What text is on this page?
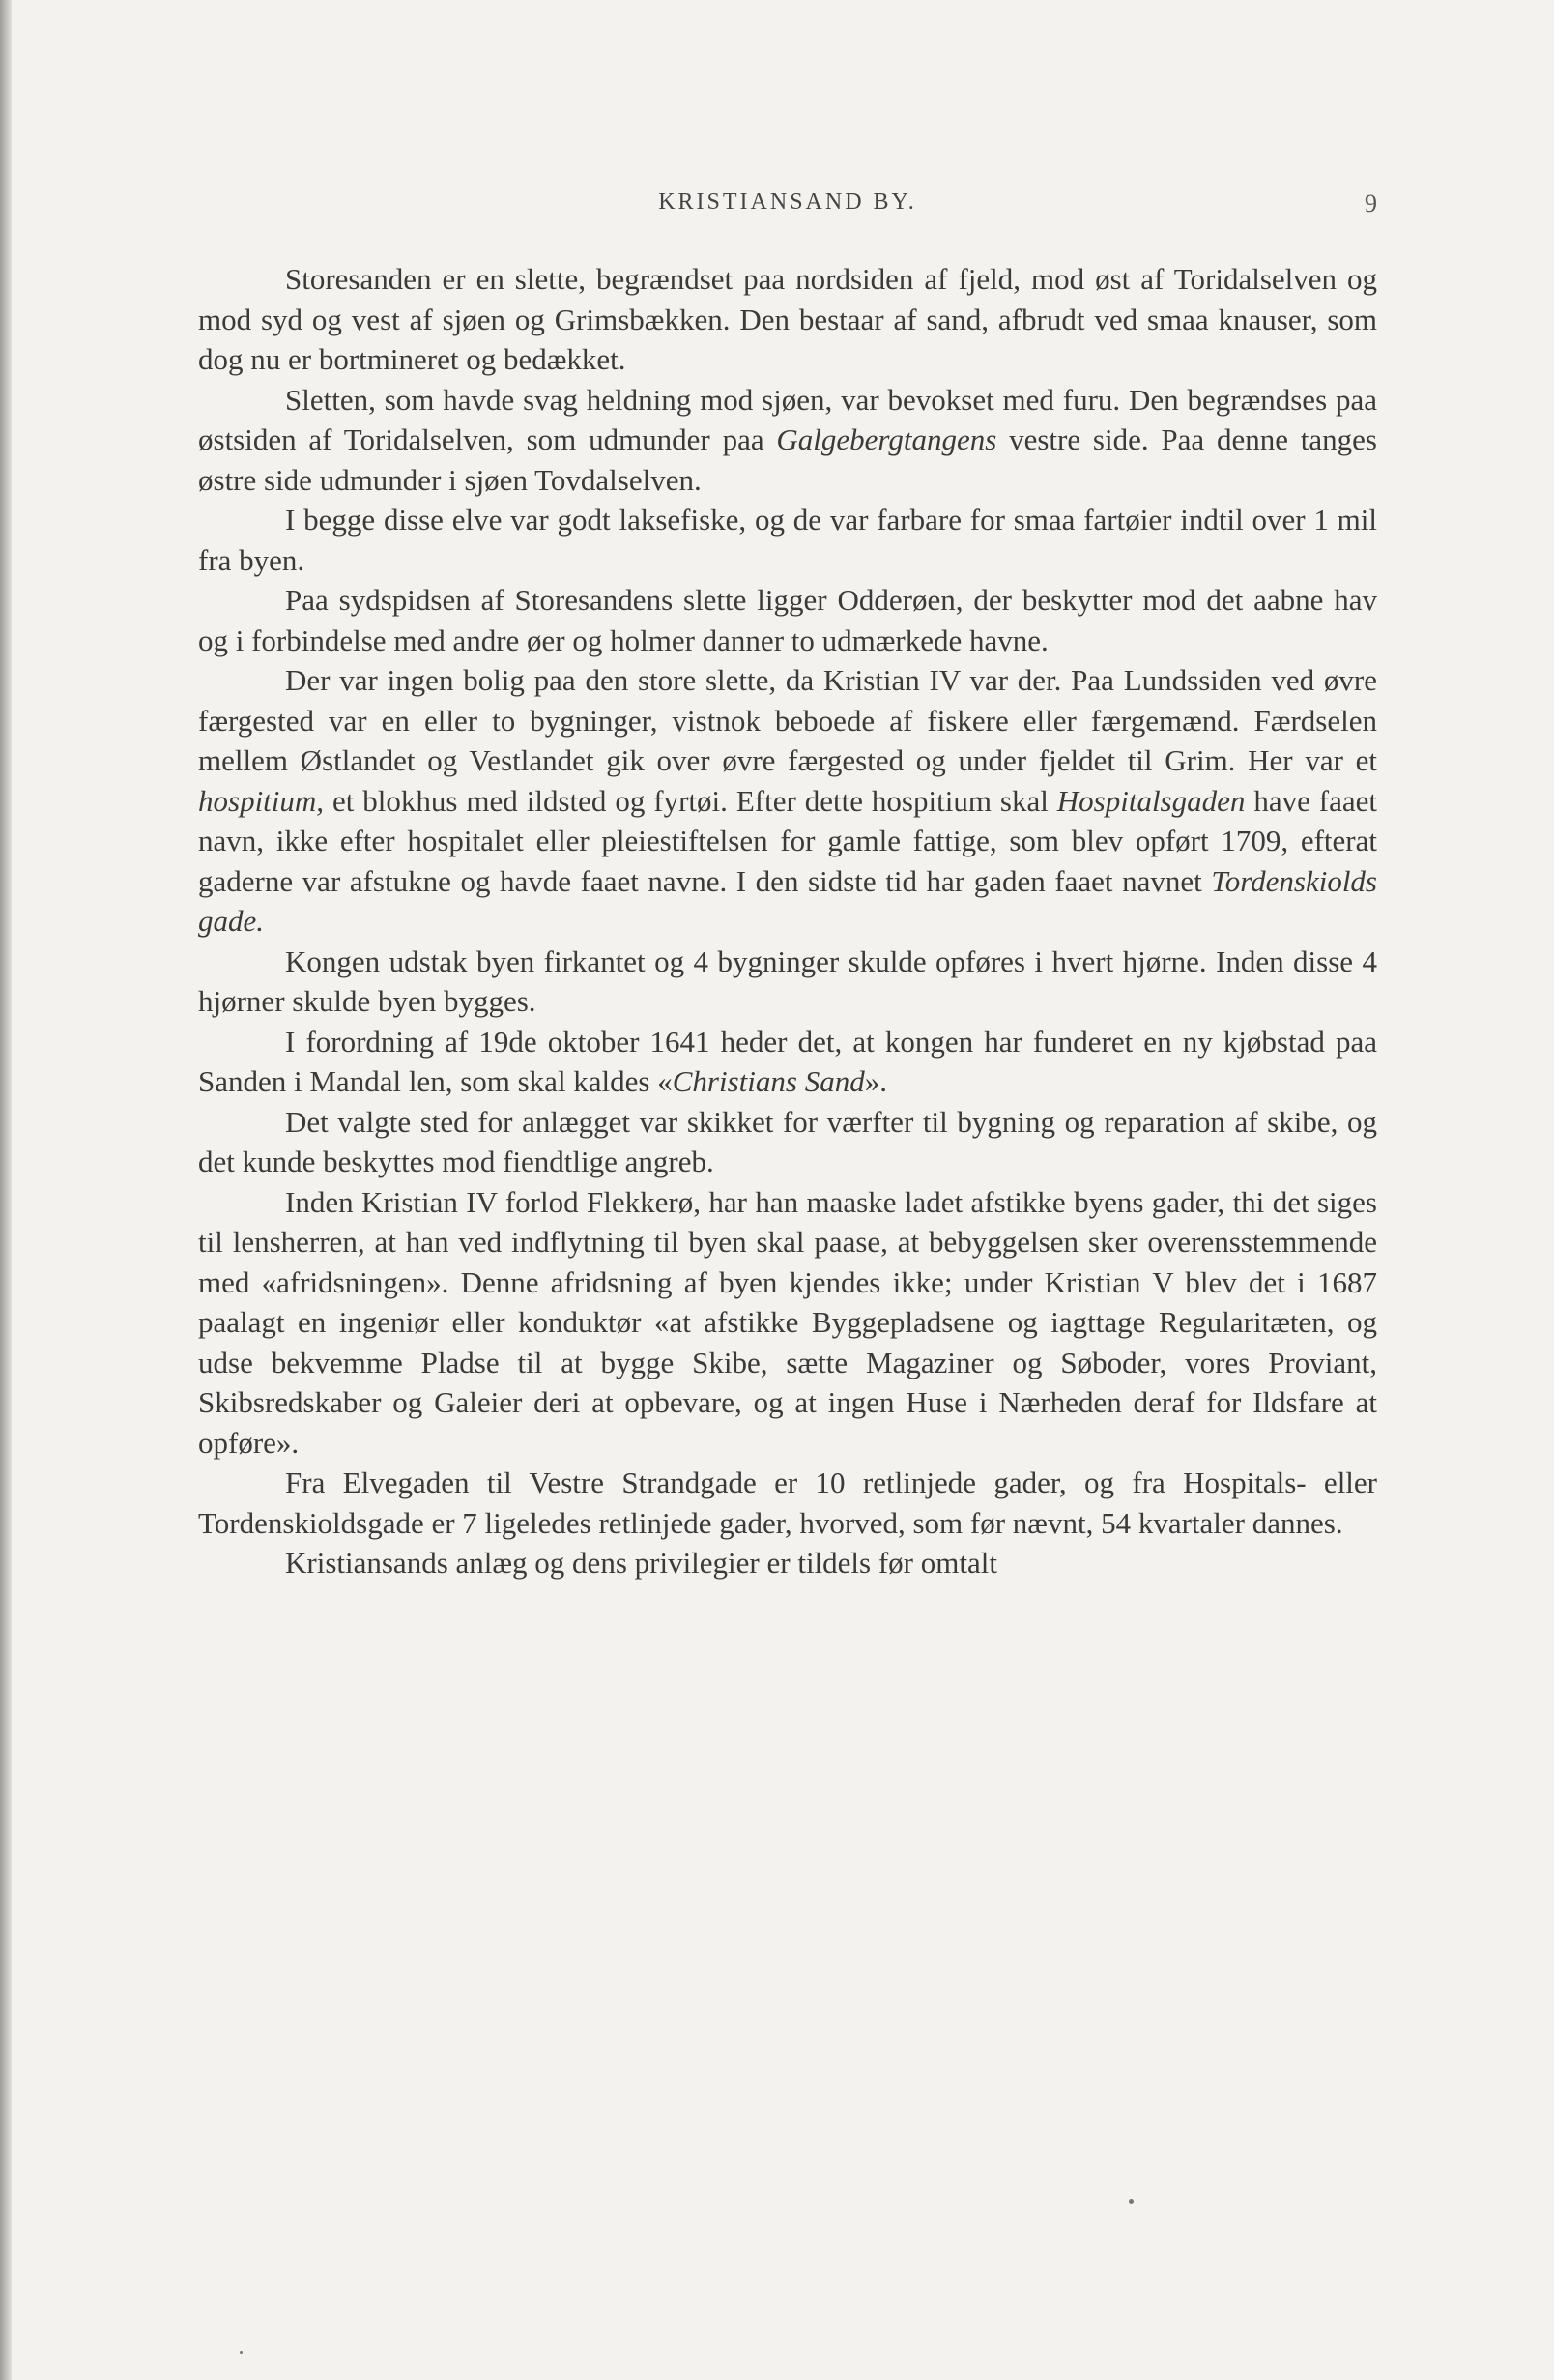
KRISTIANSAND BY.	9

Storesanden er en slette, begrændset paa nordsiden af fjeld, mod øst af Toridalselven og mod syd og vest af sjøen og Grimsbækken. Den bestaar af sand, afbrudt ved smaa knauser, som dog nu er bortmineret og bedækket.

Sletten, som havde svag heldning mod sjøen, var bevokset med furu. Den begrændses paa østsiden af Toridalselven, som udmunder paa Galgebergtangens vestre side. Paa denne tanges østre side udmunder i sjøen Tovdalselven.

I begge disse elve var godt laksefiske, og de var farbare for smaa fartøier indtil over 1 mil fra byen.

Paa sydspidsen af Storesandens slette ligger Odderøen, der beskytter mod det aabne hav og i forbindelse med andre øer og holmer danner to udmærkede havne.

Der var ingen bolig paa den store slette, da Kristian IV var der. Paa Lundssiden ved øvre færgested var en eller to bygninger, vistnok beboede af fiskere eller færgemænd. Færdselen mellem Østlandet og Vestlandet gik over øvre færgested og under fjeldet til Grim. Her var et hospitium, et blokhus med ildsted og fyrtøi. Efter dette hospitium skal Hospitalsgaden have faaet navn, ikke efter hospitalet eller pleiestiftelsen for gamle fattige, som blev opført 1709, efterat gaderne var afstukne og havde faaet navne. I den sidste tid har gaden faaet navnet Tordenskiolds gade.

Kongen udstak byen firkantet og 4 bygninger skulde opføres i hvert hjørne. Inden disse 4 hjørner skulde byen bygges.

I forordning af 19de oktober 1641 heder det, at kongen har funderet en ny kjøbstad paa Sanden i Mandal len, som skal kaldes «Christians Sand».

Det valgte sted for anlægget var skikket for værfter til bygning og reparation af skibe, og det kunde beskyttes mod fiendtlige angreb.

Inden Kristian IV forlod Flekkerø, har han maaske ladet afstikke byens gader, thi det siges til lensherren, at han ved indflytning til byen skal paase, at bebyggelsen sker overensstemmende med «afridsningen». Denne afridsning af byen kjendes ikke; under Kristian V blev det i 1687 paalagt en ingeniør eller konduktør «at afstikke Byggepladsene og iagttage Regularitæten, og udse bekvemme Pladse til at bygge Skibe, sætte Magaziner og Søboder, vores Proviant, Skibsredskaber og Galeier deri at opbevare, og at ingen Huse i Nærheden deraf for Ildsfare at opføre».

Fra Elvegaden til Vestre Strandgade er 10 retlinjede gader, og fra Hospitals- eller Tordenskioldsgade er 7 ligeledes retlinjede gader, hvorved, som før nævnt, 54 kvartaler dannes.

Kristiansands anlæg og dens privilegier er tildels før omtalt
